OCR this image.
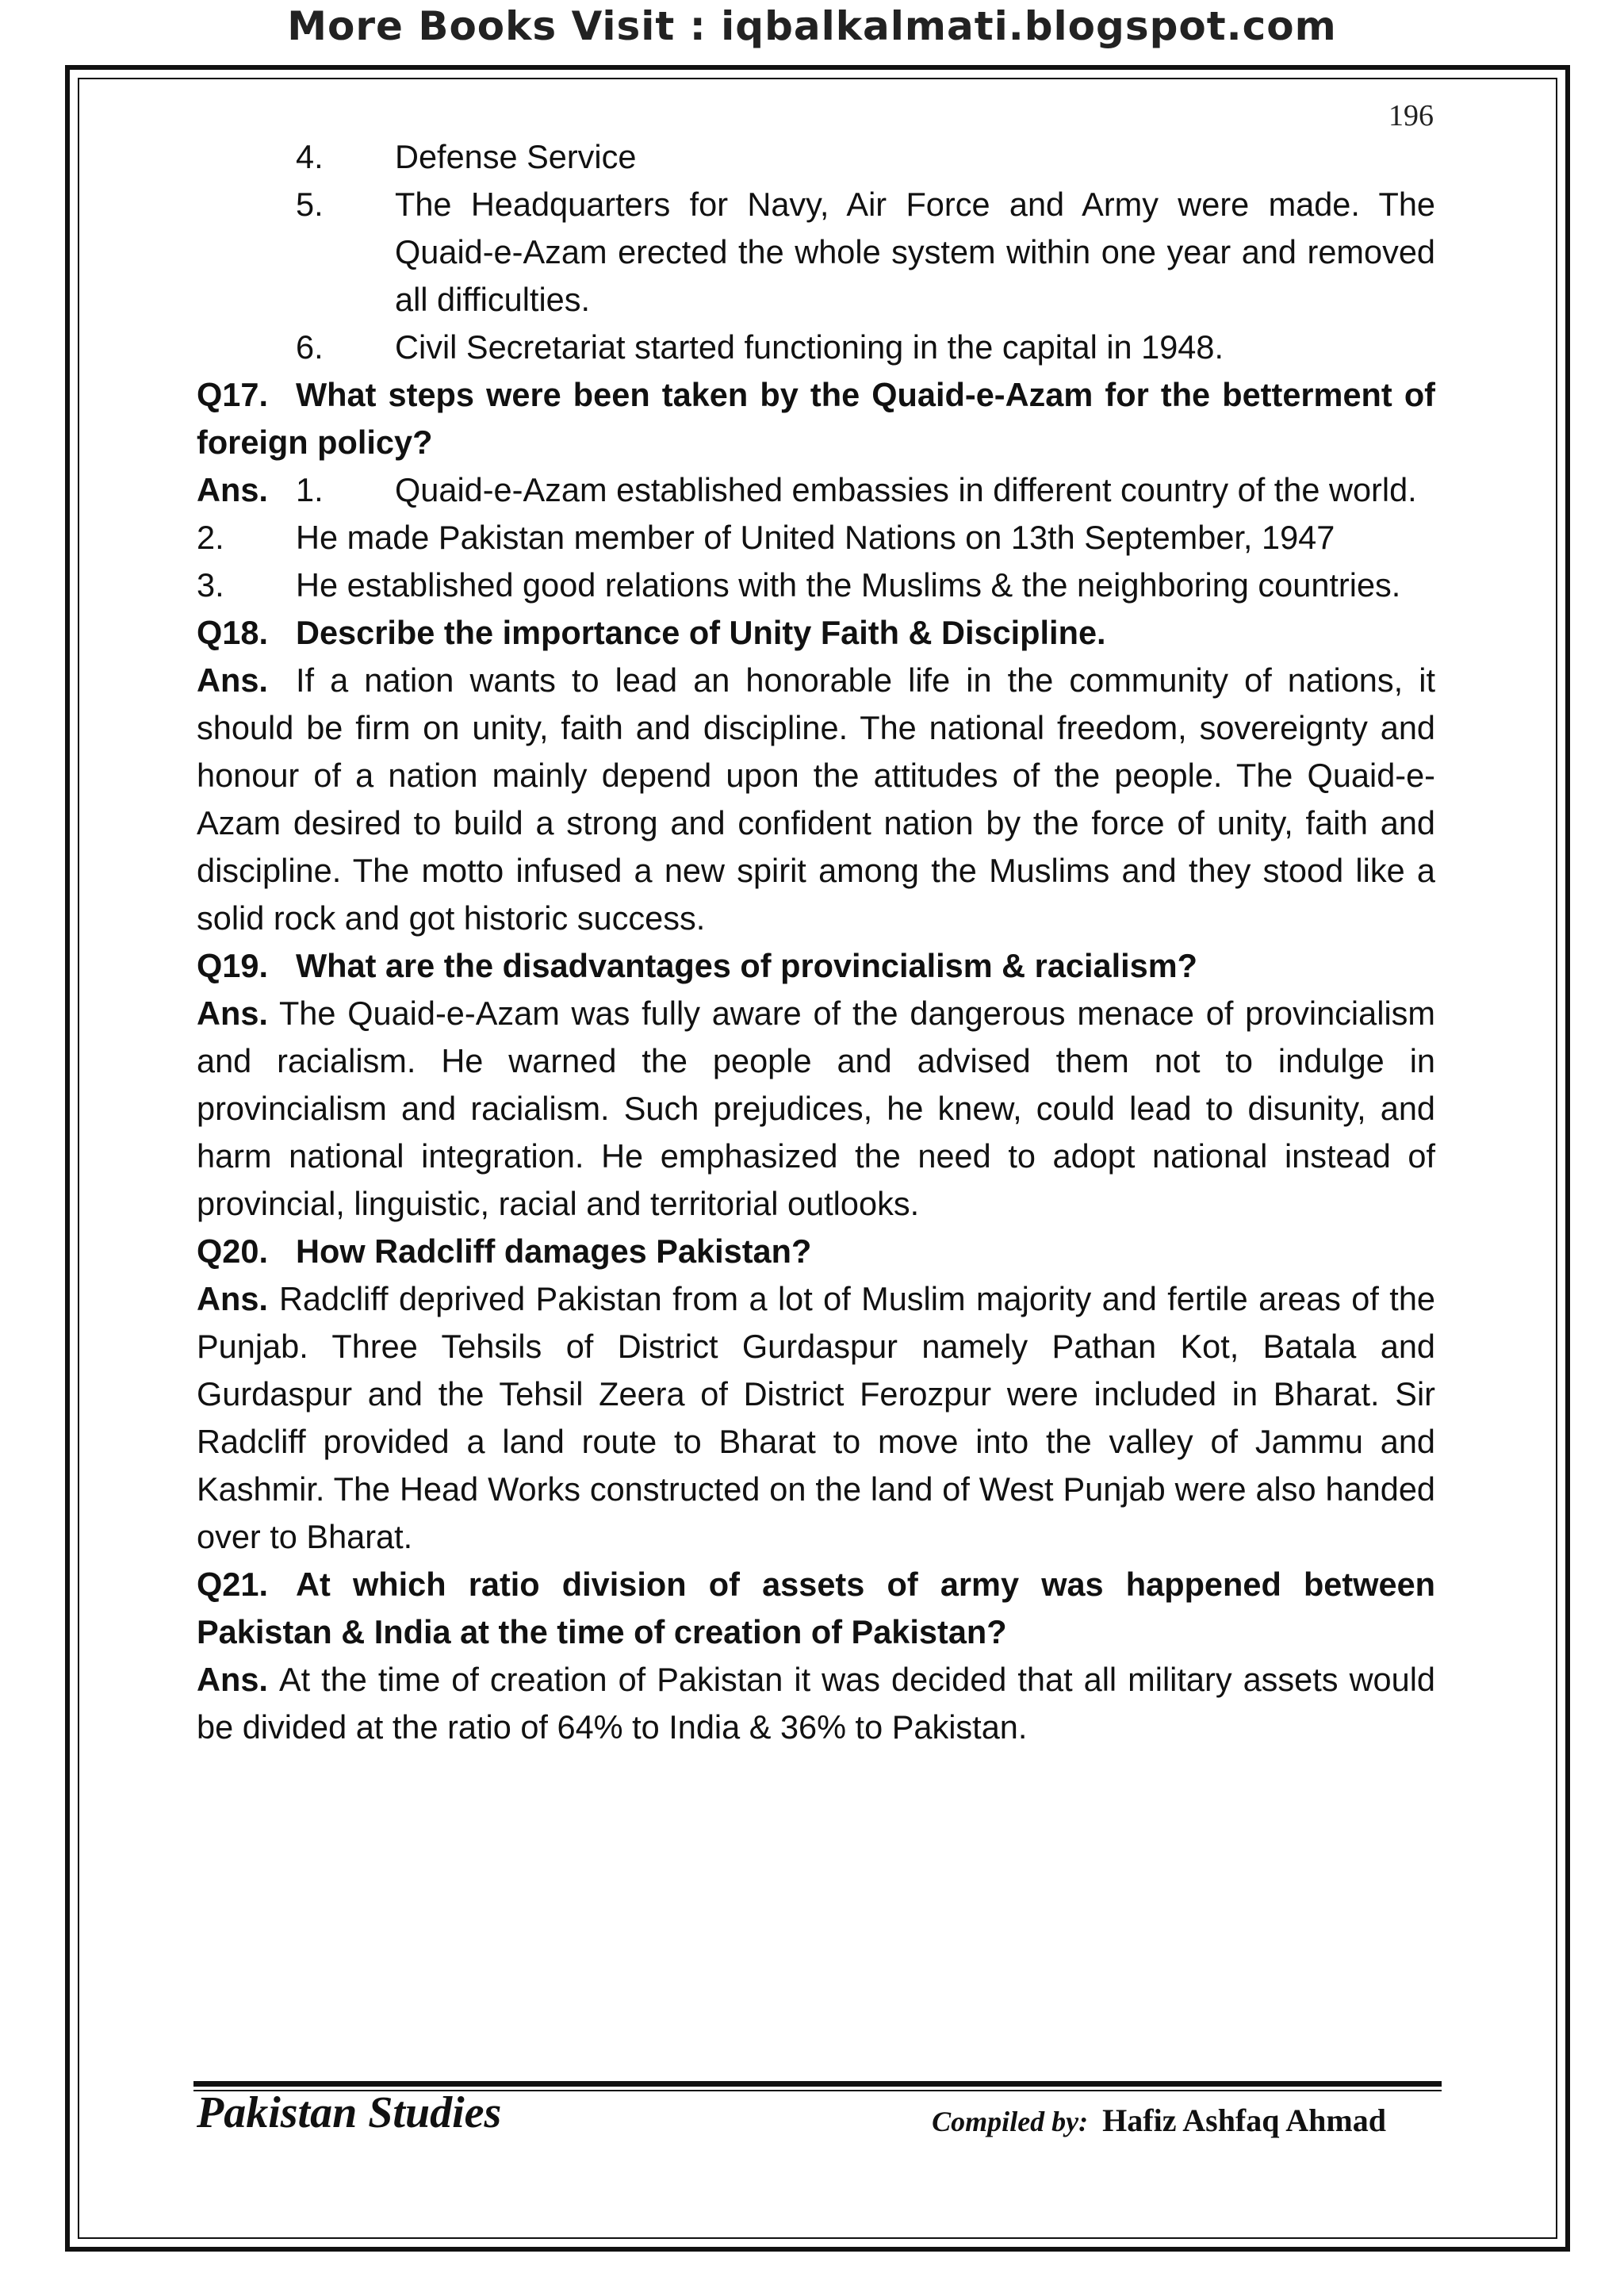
More Books Visit : iqbalkalmati.blogspot.com
196
4.	Defense Service
5.	The Headquarters for Navy, Air Force and Army were made. The Quaid-e-Azam erected the whole system within one year and removed all difficulties.
6.	Civil Secretariat started functioning in the capital in 1948.

Q17. What steps were been taken by the Quaid-e-Azam for the betterment of foreign policy?

Ans. 1. Quaid-e-Azam established embassies in different country of the world.

2.	He made Pakistan member of United Nations on 13th September, 1947

3. He established good relations with the Muslims & the neighboring countries.

Q18. Describe the importance of Unity Faith & Discipline.

Ans. If a nation wants to lead an honorable life in the community of nations, it should be firm on unity, faith and discipline. The national freedom, sovereignty and honour of a nation mainly depend upon the attitudes of the people. The Quaid-e-Azam desired to build a strong and confident nation by the force of unity, faith and discipline. The motto infused a new spirit among the Muslims and they stood like a solid rock and got historic success.

Q19. What are the disadvantages of provincialism & racialism?

Ans. The Quaid-e-Azam was fully aware of the dangerous menace of provincialism and racialism. He warned the people and advised them not to indulge in provincialism and racialism. Such prejudices, he knew, could lead to disunity, and harm national integration. He emphasized the need to adopt national instead of provincial, linguistic, racial and territorial outlooks.

Q20. How Radcliff damages Pakistan?

Ans. Radcliff deprived Pakistan from a lot of Muslim majority and fertile areas of the Punjab. Three Tehsils of District Gurdaspur namely Pathan Kot, Batala and Gurdaspur and the Tehsil Zeera of District Ferozpur were included in Bharat. Sir Radcliff provided a land route to Bharat to move into the valley of Jammu and Kashmir. The Head Works constructed on the land of West Punjab were also handed over to Bharat.

Q21. At which ratio division of assets of army was happened between Pakistan & India at the time of creation of Pakistan?

Ans. At the time of creation of Pakistan it was decided that all military assets would be divided at the ratio of 64% to India & 36% to Pakistan.

Pakistan Studies	Compiled by: Hafiz Ashfaq Ahmad
